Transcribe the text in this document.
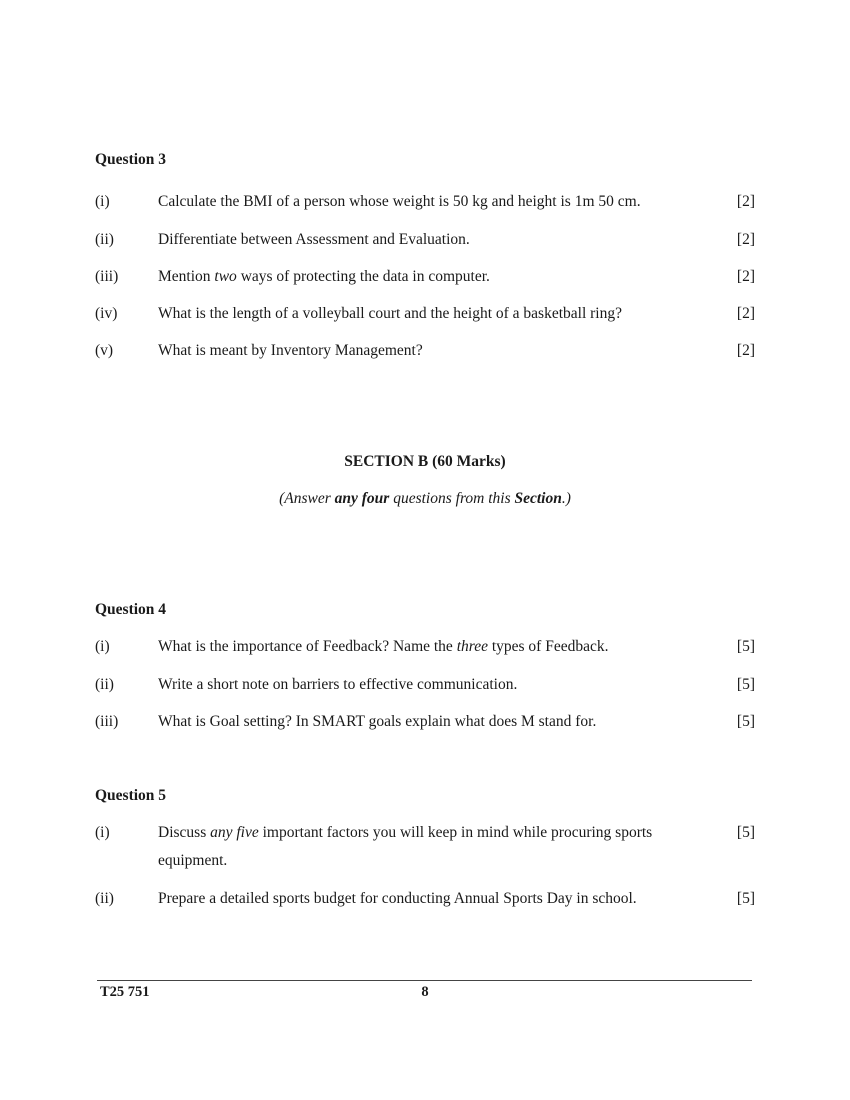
Question 3
(i)	Calculate the BMI of a person whose weight is 50 kg and height is 1m 50 cm.	[2]
(ii)	Differentiate between Assessment and Evaluation.	[2]
(iii)	Mention two ways of protecting the data in computer.	[2]
(iv)	What is the length of a volleyball court and the height of a basketball ring?	[2]
(v)	What is meant by Inventory Management?	[2]
SECTION B (60 Marks)
(Answer any four questions from this Section.)
Question 4
(i)	What is the importance of Feedback? Name the three types of Feedback.	[5]
(ii)	Write a short note on barriers to effective communication.	[5]
(iii)	What is Goal setting? In SMART goals explain what does M stand for.	[5]
Question 5
(i)	Discuss any five important factors you will keep in mind while procuring sports equipment.
[5]
(ii)	Prepare a detailed sports budget for conducting Annual Sports Day in school.	[5]
T25 751	8
